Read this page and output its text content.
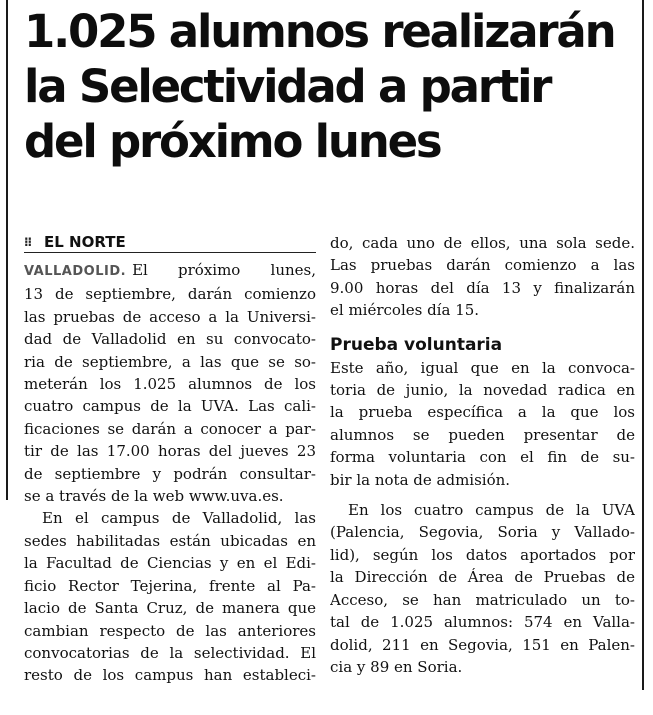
1.025 alumnos realizarán
la Selectividad a partir
del próximo lunes
⁝⁝ EL NORTE
VALLADOLID. El próximo lunes,
13 de septiembre, darán comienzo
las pruebas de acceso a la Universi-
dad de Valladolid en su convocato-
ria de septiembre, a las que se so-
meterán los 1.025 alumnos de los
cuatro campus de la UVA. Las cali-
ficaciones se darán a conocer a par-
tir de las 17.00 horas del jueves 23
de septiembre y podrán consultar-
se a través de la web www.uva.es.
En el campus de Valladolid, las
sedes habilitadas están ubicadas en
la Facultad de Ciencias y en el Edi-
ficio Rector Tejerina, frente al Pa-
lacio de Santa Cruz, de manera que
cambian respecto de las anteriores
convocatorias de la selectividad. El
resto de los campus han estableci-
do, cada uno de ellos, una sola sede.
Las pruebas darán comienzo a las
9.00 horas del día 13 y finalizarán
el miércoles día 15.
Prueba voluntaria
Este año, igual que en la convoca-
toria de junio, la novedad radica en
la prueba específica a la que los
alumnos se pueden presentar de
forma voluntaria con el fin de su-
bir la nota de admisión.
En los cuatro campus de la UVA
(Palencia, Segovia, Soria y Vallado-
lid), según los datos aportados por
la Dirección de Área de Pruebas de
Acceso, se han matriculado un to-
tal de 1.025 alumnos: 574 en Valla-
dolid, 211 en Segovia, 151 en Palen-
cia y 89 en Soria.
